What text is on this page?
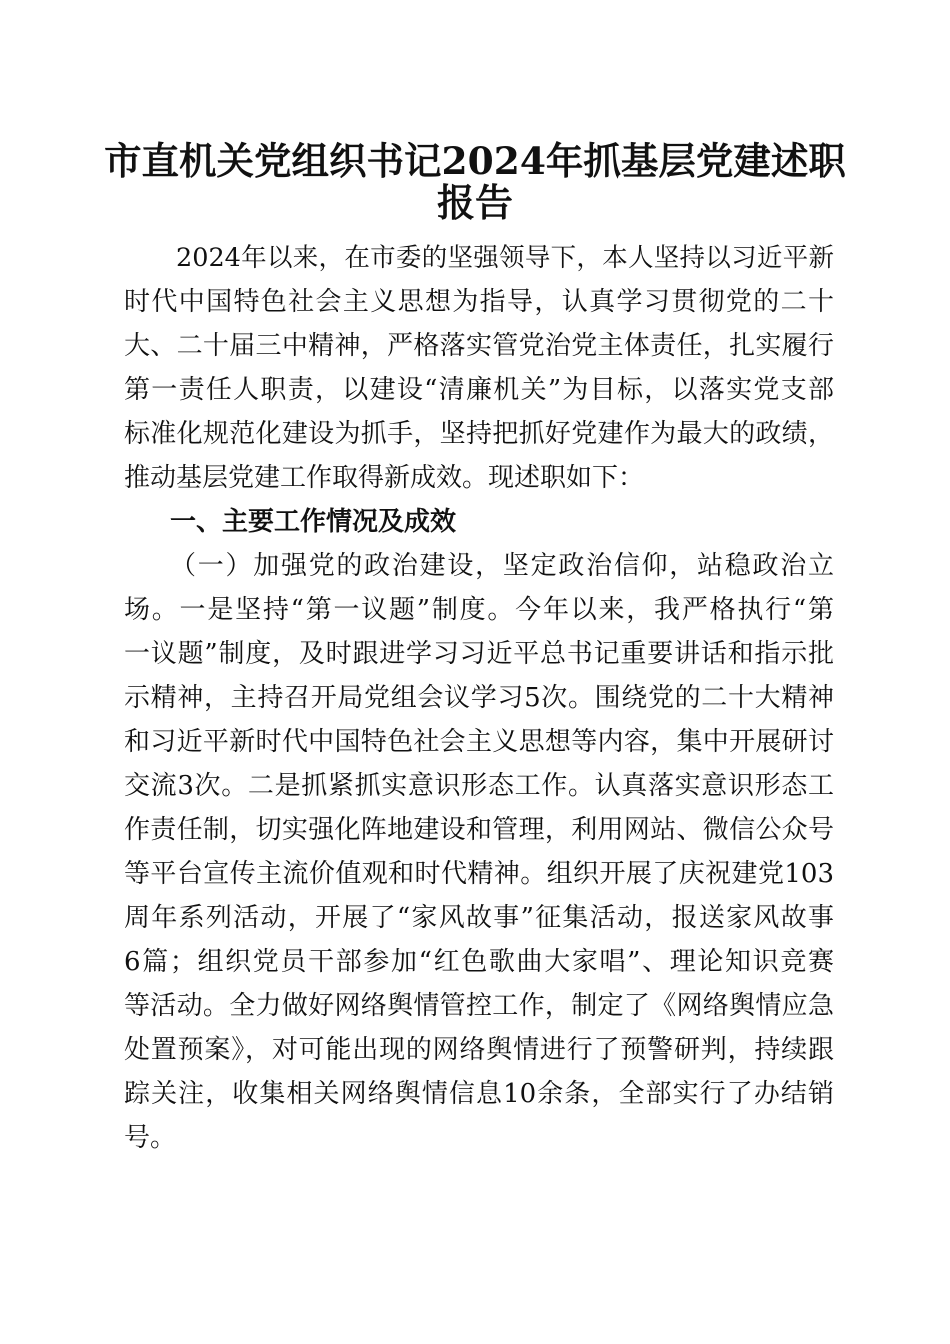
市直机关党组织书记2024年抓基层党建述职
报告

2024年以来，在市委的坚强领导下，本人坚持以习近平新

时代中国特色社会主义思想为指导，认真学习贯彻党的二十

大、二十届三中精神，严格落实管党治党主体责任，扎实履行

第一责任人职责，以建设“清廉机关”为目标，以落实党支部

标准化规范化建设为抓手，坚持把抓好党建作为最大的政绩，

推动基层党建工作取得新成效。现述职如下：

一、主要工作情况及成效

（一）加强党的政治建设，坚定政治信仰，站稳政治立

场。一是坚持“第一议题”制度。今年以来，我严格执行“第

一议题”制度，及时跟进学习习近平总书记重要讲话和指示批

示精神，主持召开局党组会议学习5次。围绕党的二十大精神

和习近平新时代中国特色社会主义思想等内容，集中开展研讨

交流3次。二是抓紧抓实意识形态工作。认真落实意识形态工

作责任制，切实强化阵地建设和管理，利用网站、微信公众号

等平台宣传主流价值观和时代精神。组织开展了庆祝建党103

周年系列活动，开展了“家风故事”征集活动，报送家风故事

6篇；组织党员干部参加“红色歌曲大家唱”、理论知识竞赛

等活动。全力做好网络舆情管控工作，制定了《网络舆情应急

处置预案》，对可能出现的网络舆情进行了预警研判，持续跟

踪关注，收集相关网络舆情信息10余条，全部实行了办结销

号。
